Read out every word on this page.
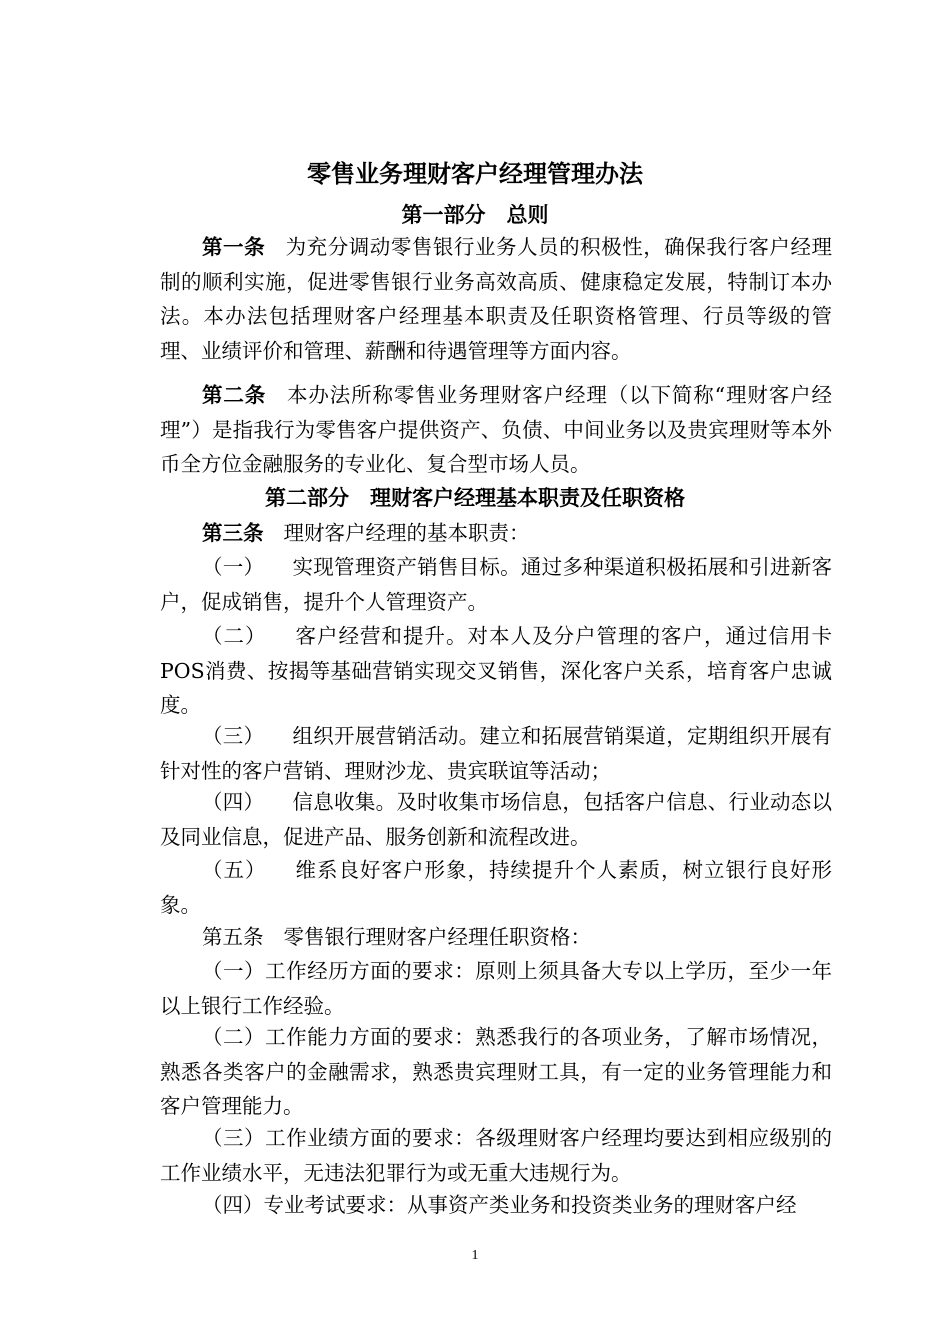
零售业务理财客户经理管理办法
第一部分　总则
第一条 为充分调动零售银行业务人员的积极性，确保我行客户经理制的顺利实施，促进零售银行业务高效高质、健康稳定发展，特制订本办法。本办法包括理财客户经理基本职责及任职资格管理、行员等级的管理、业绩评价和管理、薪酬和待遇管理等方面内容。
第二条 本办法所称零售业务理财客户经理（以下简称“理财客户经理”）是指我行为零售客户提供资产、负债、中间业务以及贵宾理财等本外币全方位金融服务的专业化、复合型市场人员。
第二部分　理财客户经理基本职责及任职资格
第三条 理财客户经理的基本职责：
（一） 实现管理资产销售目标。通过多种渠道积极拓展和引进新客户，促成销售，提升个人管理资产。
（二） 客户经营和提升。对本人及分户管理的客户，通过信用卡POS消费、按揭等基础营销实现交叉销售，深化客户关系，培育客户忠诚度。
（三） 组织开展营销活动。建立和拓展营销渠道，定期组织开展有针对性的客户营销、理财沙龙、贵宾联谊等活动；
（四） 信息收集。及时收集市场信息，包括客户信息、行业动态以及同业信息，促进产品、服务创新和流程改进。
（五） 维系良好客户形象，持续提升个人素质，树立银行良好形象。
第五条 零售银行理财客户经理任职资格：
（一）工作经历方面的要求：原则上须具备大专以上学历，至少一年以上银行工作经验。
（二）工作能力方面的要求：熟悉我行的各项业务，了解市场情况，熟悉各类客户的金融需求，熟悉贵宾理财工具，有一定的业务管理能力和客户管理能力。
（三）工作业绩方面的要求：各级理财客户经理均要达到相应级别的工作业绩水平，无违法犯罪行为或无重大违规行为。
（四）专业考试要求：从事资产类业务和投资类业务的理财客户经
1
